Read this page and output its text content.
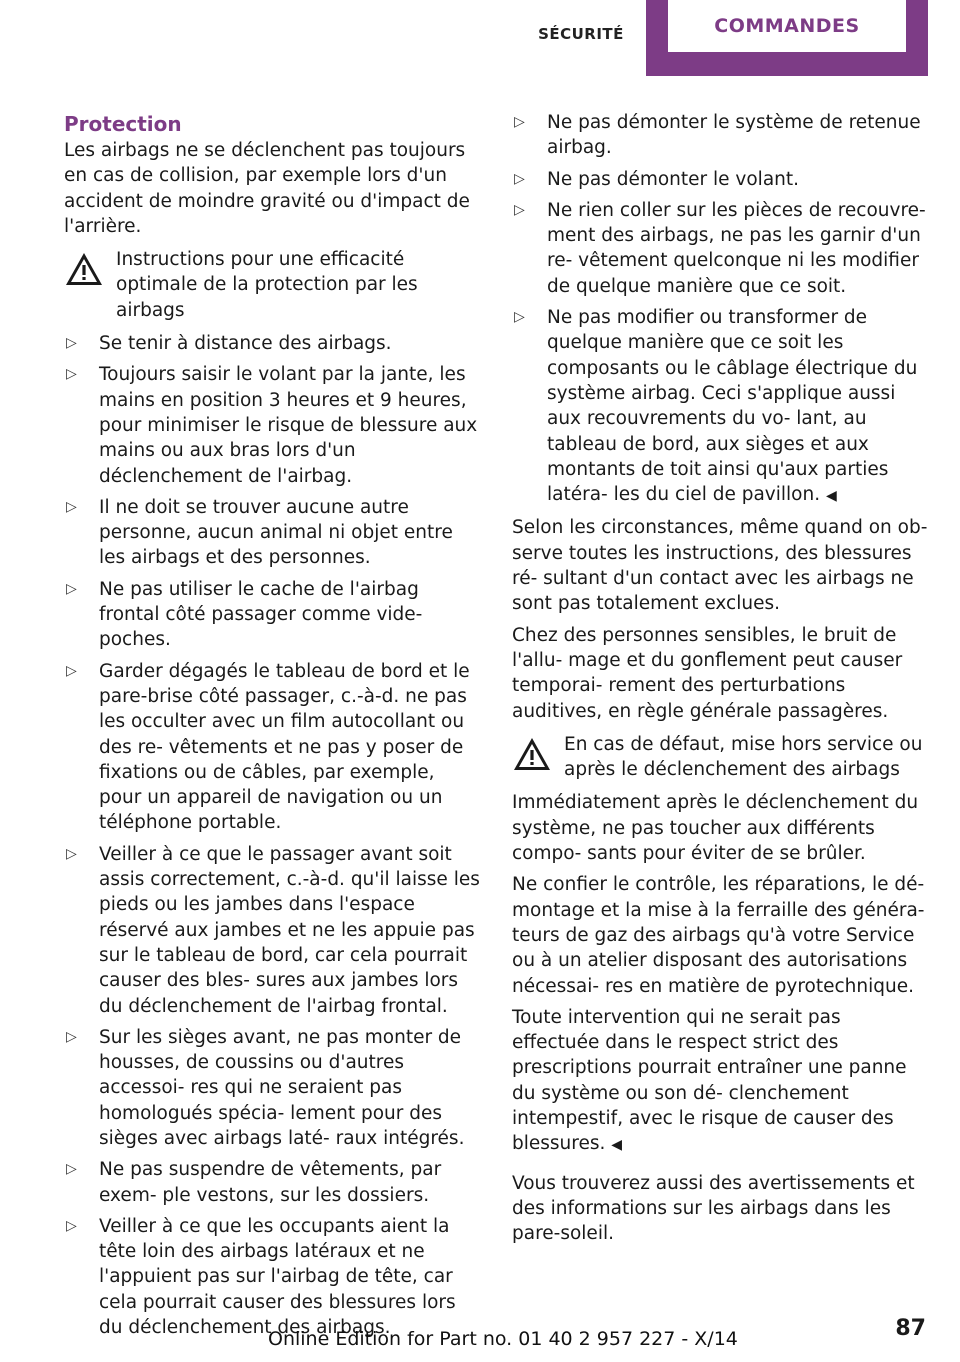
SÉCURITÉ	COMMANDES
Protection

Les airbags ne se déclenchent pas toujours en cas de collision, par exemple lors d'un accident de moindre gravité ou d'impact de l'arrière.

Instructions pour une efficacité optimale de la protection par les airbags
▷ Se tenir à distance des airbags.
▷ Toujours saisir le volant par la jante, les mains en position 3 heures et 9 heures, pour minimiser le risque de blessure aux mains ou aux bras lors d'un déclenchement de l'airbag.
▷ Il ne doit se trouver aucune autre personne, aucun animal ni objet entre les airbags et des personnes.
▷ Ne pas utiliser le cache de l'airbag frontal côté passager comme vide-poches.
▷ Garder dégagés le tableau de bord et le pare-brise côté passager, c.-à-d. ne pas les occulter avec un film autocollant ou des re‐ vêtements et ne pas y poser de fixations ou de câbles, par exemple, pour un appareil de navigation ou un téléphone portable.
▷ Veiller à ce que le passager avant soit assis correctement, c.-à-d. qu'il laisse les pieds ou les jambes dans l'espace réservé aux jambes et ne les appuie pas sur le tableau de bord, car cela pourrait causer des bles‐ sures aux jambes lors du déclenchement de l'airbag frontal.
▷ Sur les sièges avant, ne pas monter de housses, de coussins ou d'autres accessoi‐ res qui ne seraient pas homologués spécia‐ lement pour des sièges avec airbags laté‐ raux intégrés.
▷ Ne pas suspendre de vêtements, par exem‐ ple vestons, sur les dossiers.
▷ Veiller à ce que les occupants aient la tête loin des airbags latéraux et ne l'appuient pas sur l'airbag de tête, car cela pourrait causer des blessures lors du déclenchement des airbags.
▷ Ne pas démonter le système de retenue airbag.
▷ Ne pas démonter le volant.
▷ Ne rien coller sur les pièces de recouvre‐ ment des airbags, ne pas les garnir d'un re‐ vêtement quelconque ni les modifier de quelque manière que ce soit.
▷ Ne pas modifier ou transformer de quelque manière que ce soit les composants ou le câblage électrique du système airbag. Ceci s'applique aussi aux recouvrements du vo‐ lant, au tableau de bord, aux sièges et aux montants de toit ainsi qu'aux parties latéra‐ les du ciel de pavillon. ◀

Selon les circonstances, même quand on ob‐ serve toutes les instructions, des blessures ré‐ sultant d'un contact avec les airbags ne sont pas totalement exclues.

Chez des personnes sensibles, le bruit de l'allu‐ mage et du gonflement peut causer temporai‐ rement des perturbations auditives, en règle générale passagères.

En cas de défaut, mise hors service ou après le déclenchement des airbags

Immédiatement après le déclenchement du système, ne pas toucher aux différents compo‐ sants pour éviter de se brûler.

Ne confier le contrôle, les réparations, le dé‐ montage et la mise à la ferraille des généra‐ teurs de gaz des airbags qu'à votre Service ou à un atelier disposant des autorisations nécessai‐ res en matière de pyrotechnique.

Toute intervention qui ne serait pas effectuée dans le respect strict des prescriptions pourrait entraîner une panne du système ou son dé‐ clenchement intempestif, avec le risque de causer des blessures. ◀

Vous trouverez aussi des avertissements et des informations sur les airbags dans les pare-soleil.

Online Edition for Part no. 01 40 2 957 227 - X/14	87
